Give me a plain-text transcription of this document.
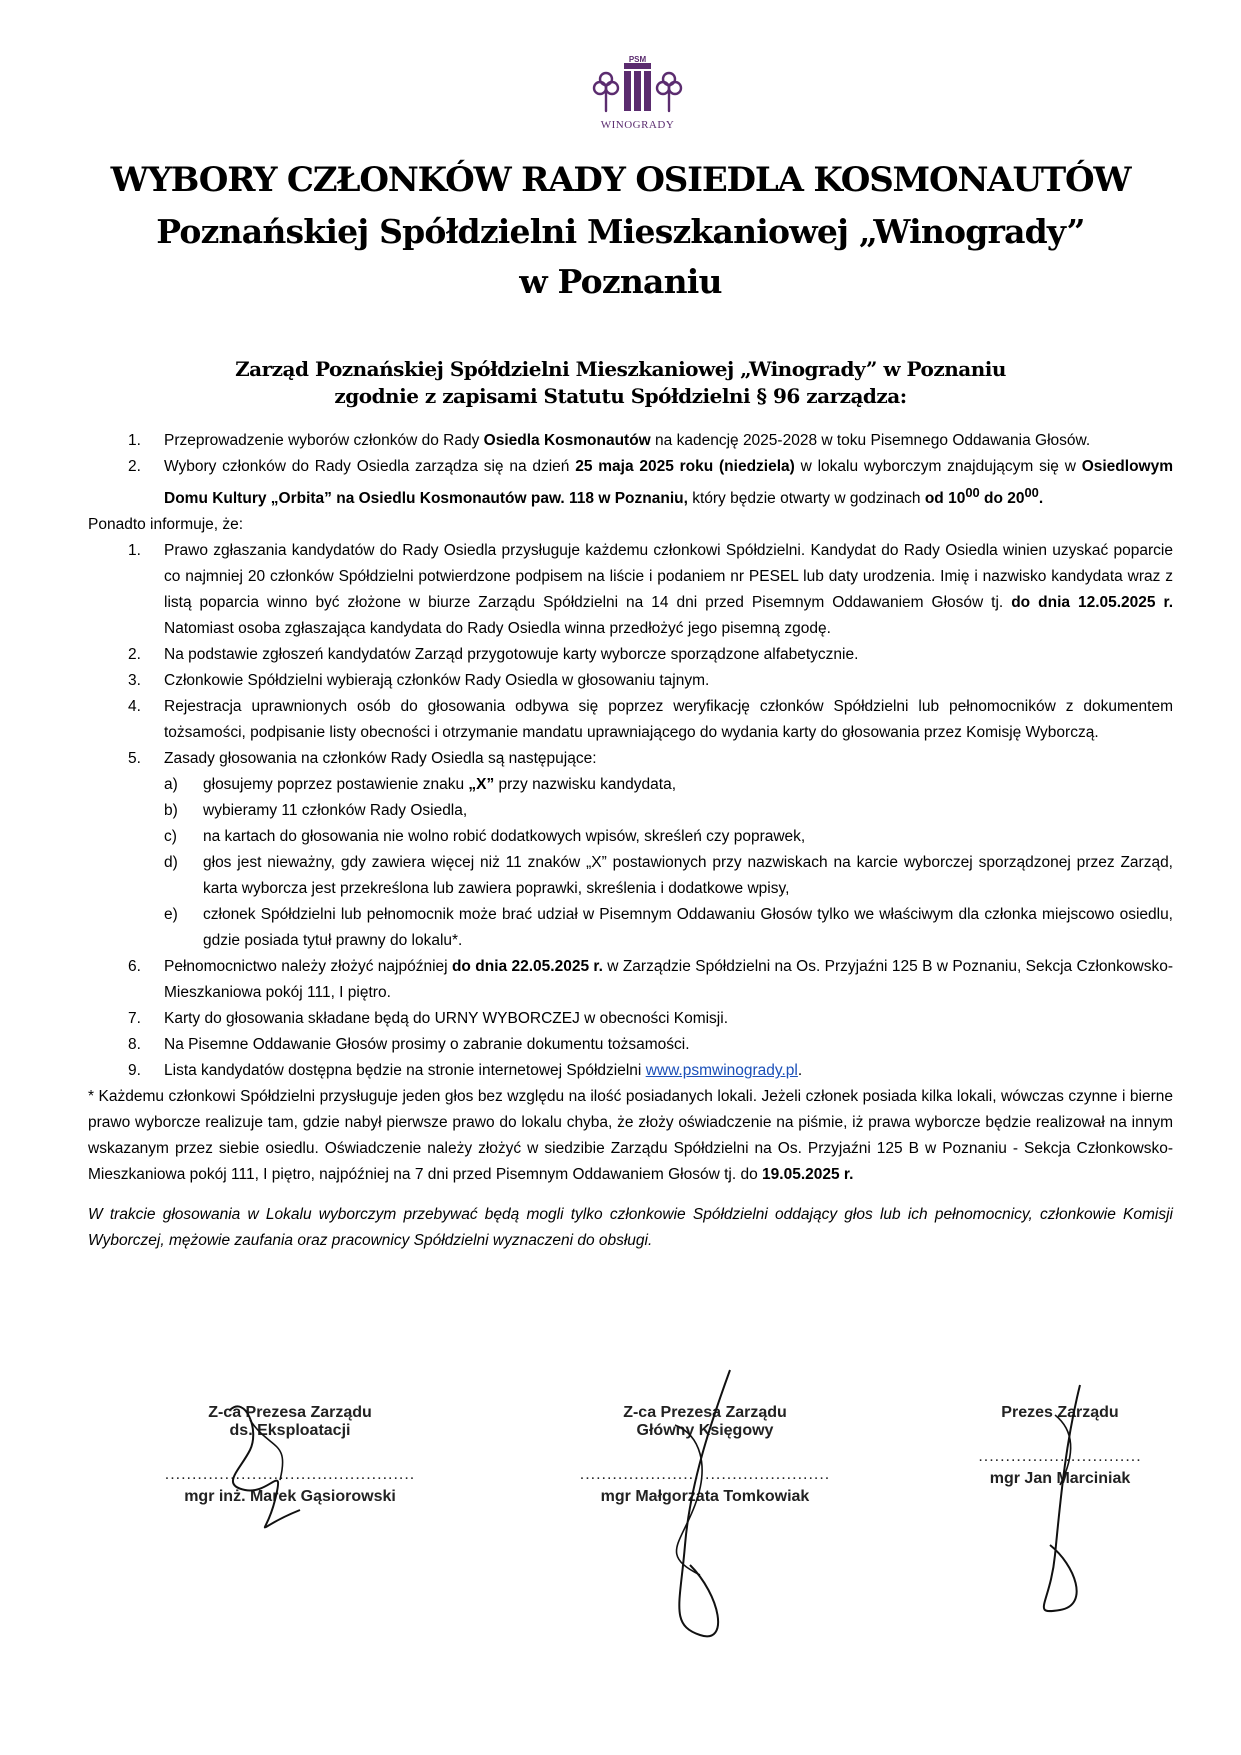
PSM
WINOGRADY
WYBORY CZŁONKÓW RADY OSIEDLA KOSMONAUTÓW
Poznańskiej Spółdzielni Mieszkaniowej „Winogrady”
w Poznaniu
Zarząd Poznańskiej Spółdzielni Mieszkaniowej „Winogrady” w Poznaniu
zgodnie z zapisami Statutu Spółdzielni § 96 zarządza:
1.	Przeprowadzenie wyborów członków do Rady Osiedla Kosmonautów na kadencję 2025-2028 w toku Pisemnego Oddawania Głosów.
2.	Wybory członków do Rady Osiedla zarządza się na dzień 25 maja 2025 roku (niedziela) w lokalu wyborczym znajdującym się w Osiedlowym Domu Kultury „Orbita” na Osiedlu Kosmonautów paw. 118 w Poznaniu, który będzie otwarty w godzinach od $10^{00}$ do $20^{00}$.
Ponadto informuje, że:
1.	Prawo zgłaszania kandydatów do Rady Osiedla przysługuje każdemu członkowi Spółdzielni. Kandydat do Rady Osiedla winien uzyskać poparcie co najmniej 20 członków Spółdzielni potwierdzone podpisem na liście i podaniem nr PESEL lub daty urodzenia. Imię i nazwisko kandydata wraz z listą poparcia winno być złożone w biurze Zarządu Spółdzielni na 14 dni przed Pisemnym Oddawaniem Głosów tj. do dnia 12.05.2025 r. Natomiast osoba zgłaszająca kandydata do Rady Osiedla winna przedłożyć jego pisemną zgodę.
2.	Na podstawie zgłoszeń kandydatów Zarząd przygotowuje karty wyborcze sporządzone alfabetycznie.
3.	Członkowie Spółdzielni wybierają członków Rady Osiedla w głosowaniu tajnym.
4.	Rejestracja uprawnionych osób do głosowania odbywa się poprzez weryfikację członków Spółdzielni lub pełnomocników z dokumentem tożsamości, podpisanie listy obecności i otrzymanie mandatu uprawniającego do wydania karty do głosowania przez Komisję Wyborczą.
5.	Zasady głosowania na członków Rady Osiedla są następujące:
a)	głosujemy poprzez postawienie znaku „X” przy nazwisku kandydata,
b)	wybieramy 11 członków Rady Osiedla,
c)	na kartach do głosowania nie wolno robić dodatkowych wpisów, skreśleń czy poprawek,
d)	głos jest nieważny, gdy zawiera więcej niż 11 znaków „X” postawionych przy nazwiskach na karcie wyborczej sporządzonej przez Zarząd, karta wyborcza jest przekreślona lub zawiera poprawki, skreślenia i dodatkowe wpisy,
e)	członek Spółdzielni lub pełnomocnik może brać udział w Pisemnym Oddawaniu Głosów tylko we właściwym dla członka miejscowo osiedlu, gdzie posiada tytuł prawny do lokalu*.
6.	Pełnomocnictwo należy złożyć najpóźniej do dnia 22.05.2025 r. w Zarządzie Spółdzielni na Os. Przyjaźni 125 B w Poznaniu, Sekcja Członkowsko-Mieszkaniowa pokój 111, I piętro.
7.	Karty do głosowania składane będą do URNY WYBORCZEJ w obecności Komisji.
8.	Na Pisemne Oddawanie Głosów prosimy o zabranie dokumentu tożsamości.
9.	Lista kandydatów dostępna będzie na stronie internetowej Spółdzielni www.psmwinogrady.pl.
* Każdemu członkowi Spółdzielni przysługuje jeden głos bez względu na ilość posiadanych lokali. Jeżeli członek posiada kilka lokali, wówczas czynne i bierne prawo wyborcze realizuje tam, gdzie nabył pierwsze prawo do lokalu chyba, że złoży oświadczenie na piśmie, iż prawa wyborcze będzie realizował na innym wskazanym przez siebie osiedlu. Oświadczenie należy złożyć w siedzibie Zarządu Spółdzielni na Os. Przyjaźni 125 B w Poznaniu - Sekcja Członkowsko-Mieszkaniowa pokój 111, I piętro, najpóźniej na 7 dni przed Pisemnym Oddawaniem Głosów tj. do 19.05.2025 r.
W trakcie głosowania w Lokalu wyborczym przebywać będą mogli tylko członkowie Spółdzielni oddający głos lub ich pełnomocnicy, członkowie Komisji Wyborczej, mężowie zaufania oraz pracownicy Spółdzielni wyznaczeni do obsługi.
Z-ca Prezesa Zarządu
ds. Eksploatacji
..............................................
mgr inż. Marek Gąsiorowski
Z-ca Prezesa Zarządu
Główny Księgowy
..............................................
mgr Małgorzata Tomkowiak
Prezes Zarządu
..............................
mgr Jan Marciniak
